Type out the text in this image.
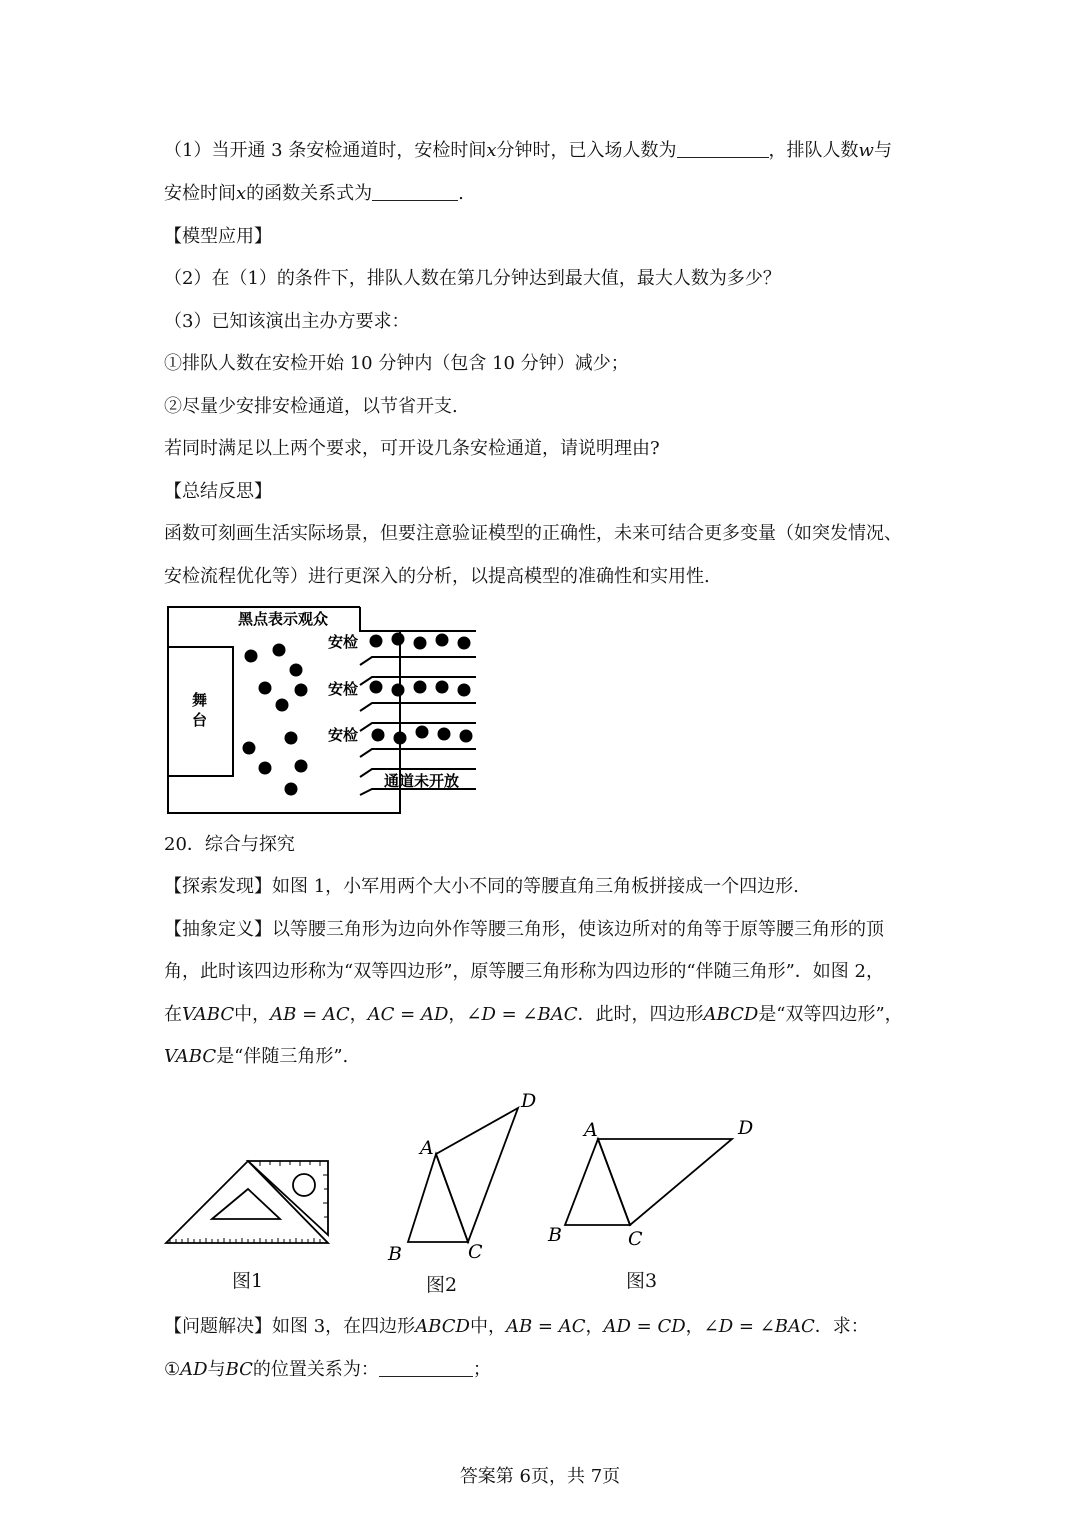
（1）当开通 3 条安检通道时，安检时间x分钟时，已入场人数为	，排队人数w与
安检时间x的函数关系式为	.
【模型应用】
（2）在（1）的条件下，排队人数在第几分钟达到最大值，最大人数为多少？
（3）已知该演出主办方要求：
①排队人数在安检开始 10 分钟内（包含 10 分钟）减少；
②尽量少安排安检通道，以节省开支.
若同时满足以上两个要求，可开设几条安检通道，请说明理由?
【总结反思】
函数可刻画生活实际场景，但要注意验证模型的正确性，未来可结合更多变量（如突发情况、
安检流程优化等）进行更深入的分析，以提高模型的准确性和实用性.
黑点表示观众
舞
台
安检
安检
安检
通道未开放
20．综合与探究
【探索发现】如图 1，小军用两个大小不同的等腰直角三角板拼接成一个四边形.
【抽象定义】以等腰三角形为边向外作等腰三角形，使该边所对的角等于原等腰三角形的顶
角，此时该四边形称为“双等四边形”，原等腰三角形称为四边形的“伴随三角形”．如图 2，
在VABC中，AB = AC，AC = AD，∠D = ∠BAC．此时，四边形ABCD是“双等四边形”，
VABC是“伴随三角形”.
图1
A
B	C
D
图2
A
B	C
D
图3
【问题解决】如图 3，在四边形ABCD中，AB = AC，AD = CD，∠D = ∠BAC．求：
①AD与BC的位置关系为：	；
答案第 6页，共 7页
